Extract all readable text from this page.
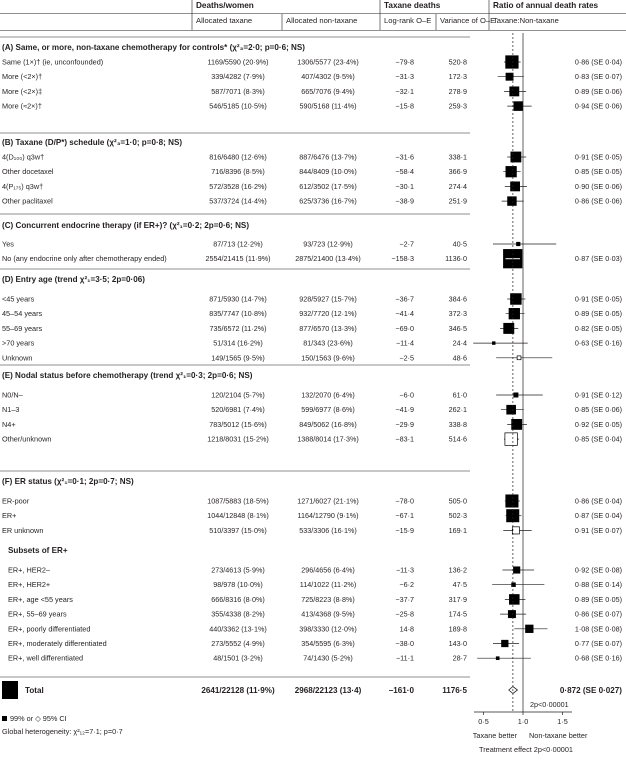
Deaths/women
Allocated taxane	Allocated non-taxane
Taxane deaths
Log-rank O–E Variance of O–E
Ratio of annual death rates
Taxane:Non-taxane
(A) Same, or more, non-taxane chemotherapy for controls* (χ²₃=2·0; p=0·6; NS)
Same (1×)† (ie, unconfounded)	1169/5590 (20·9%)	1306/5577 (23·4%)	−79·8	520·8	0·86 (SE 0·04)
More (<2×)†	339/4282 (7·9%)	407/4302 (9·5%)	−31·3	172·3	0·83 (SE 0·07)
More (<2×)‡	587/7071 (8·3%)	665/7076 (9·4%)	−32·1	278·9	0·89 (SE 0·06)
More (≈2×)†	546/5185 (10·5%)	590/5168 (11·4%)	−15·8	259·3	0·94 (SE 0·06)
(B) Taxane (D/P*) schedule (χ²₃=1·0; p=0·8; NS)
4(D₁₀₀) q3w†	816/6480 (12·6%)	887/6476 (13·7%)	−31·6	338·1	0·91 (SE 0·05)
Other docetaxel	716/8396 (8·5%)	844/8409 (10·0%)	−58·4	366·9	0·85 (SE 0·05)
4(P₁₇₅) q3w†	572/3528 (16·2%)	612/3502 (17·5%)	−30·1	274·4	0·90 (SE 0·06)
Other paclitaxel	537/3724 (14·4%)	625/3736 (16·7%)	−38·9	251·9	0·86 (SE 0·06)
(C) Concurrent endocrine therapy (if ER+)? (χ²₁=0·2; 2p=0·6; NS)
Yes	87/713 (12·2%)	93/723 (12·9%)	−2·7	40·5
No (any endocrine only after chemotherapy ended)	2554/21415 (11·9%)	2875/21400 (13·4%)	−158·3	1136·0	0·87 (SE 0·03)
(D) Entry age (trend χ²₁=3·5; 2p=0·06)
<45 years	871/5930 (14·7%)	928/5927 (15·7%)	−36·7	384·6	0·91 (SE 0·05)
45–54 years	835/7747 (10·8%)	932/7720 (12·1%)	−41·4	372·3	0·89 (SE 0·05)
55–69 years	735/6572 (11·2%)	877/6570 (13·3%)	−69·0	346·5	0·82 (SE 0·05)
>70 years	51/314 (16·2%)	81/343 (23·6%)	−11·4	24·4	0·63 (SE 0·16)
Unknown	149/1565 (9·5%)	150/1563 (9·6%)	−2·5	48·6
(E) Nodal status before chemotherapy (trend χ²₁=0·3; 2p=0·6; NS)
N0/N–	120/2104 (5·7%)	132/2070 (6·4%)	−6·0	61·0	0·91 (SE 0·12)
N1–3	520/6981 (7·4%)	599/6977 (8·6%)	−41·9	262·1	0·85 (SE 0·06)
N4+	783/5012 (15·6%)	849/5062 (16·8%)	−29·9	338·8	0·92 (SE 0·05)
Other/unknown	1218/8031 (15·2%)	1388/8014 (17·3%)	−83·1	514·6	0·85 (SE 0·04)
(F) ER status (χ²₁=0·1; 2p=0·7; NS)
ER-poor	1087/5883 (18·5%)	1271/6027 (21·1%)	−78·0	505·0	0·86 (SE 0·04)
ER+	1044/12848 (8·1%)	1164/12790 (9·1%)	−67·1	502·3	0·87 (SE 0·04)
ER unknown	510/3397 (15·0%)	533/3306 (16·1%)	−15·9	169·1	0·91 (SE 0·07)
Subsets of ER+
ER+, HER2–	273/4613 (5·9%)	296/4656 (6·4%)	−11·3	136·2	0·92 (SE 0·08)
ER+, HER2+	98/978 (10·0%)	114/1022 (11·2%)	−6·2	47·5	0·88 (SE 0·14)
ER+, age <55 years	666/8316 (8·0%)	725/8223 (8·8%)	−37·7	317·9	0·89 (SE 0·05)
ER+, 55–69 years	355/4338 (8·2%)	413/4368 (9·5%)	−25·8	174·5	0·86 (SE 0·07)
ER+, poorly differentiated	440/3362 (13·1%)	398/3330 (12·0%)	14·8	189·8	1·08 (SE 0·08)
ER+, moderately differentiated	273/5552 (4·9%)	354/5595 (6·3%)	−38·0	143·0	0·77 (SE 0·07)
ER+, well differentiated	48/1501 (3·2%)	74/1430 (5·2%)	−11·1	28·7	0·68 (SE 0·16)
Total	2641/22128 (11·9%) 2968/22123 (13·4)	−161·0	1176·5	0·872 (SE 0·027)
2p<0·00001
99% or ◇ 95% CI
Global heterogeneity: χ²₁₂=7·1; p=0·7
0·5	1·0	1·5
Taxane better Non-taxane better
Treatment effect 2p<0·00001
